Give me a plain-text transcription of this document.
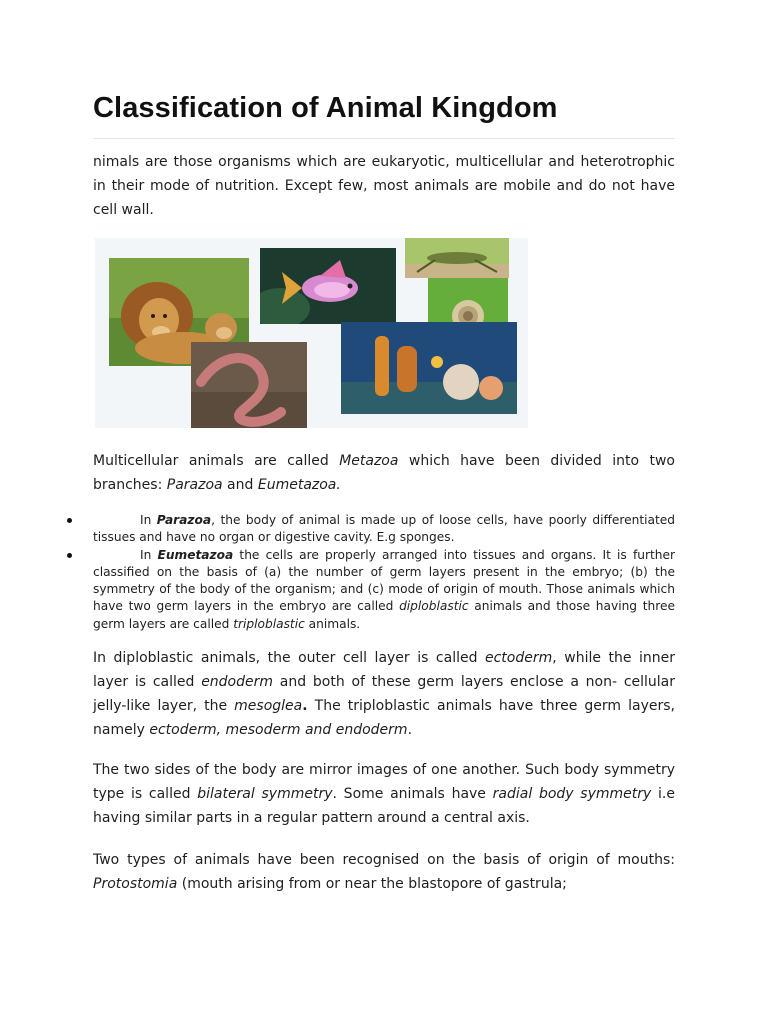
Classification of Animal Kingdom

nimals are those organisms which are eukaryotic, multicellular and heterotrophic in their mode of nutrition. Except few, most animals are mobile and do not have cell wall.

Multicellular animals are called Metazoa which have been divided into two branches: Parazoa and Eumetazoa.

In Parazoa, the body of animal is made up of loose cells, have poorly differentiated tissues and have no organ or digestive cavity. E.g sponges.
In Eumetazoa the cells are properly arranged into tissues and organs. It is further classified on the basis of (a) the number of germ layers present in the embryo; (b) the symmetry of the body of the organism; and (c) mode of origin of mouth. Those animals which have two germ layers in the embryo are called diploblastic animals and those having three germ layers are called triploblastic animals.

In diploblastic animals, the outer cell layer is called ectoderm, while the inner layer is called endoderm and both of these germ layers enclose a non- cellular jelly-like layer, the mesoglea. The triploblastic animals have three germ layers, namely ectoderm, mesoderm and endoderm.

The two sides of the body are mirror images of one another. Such body symmetry type is called bilateral symmetry. Some animals have radial body symmetry i.e having similar parts in a regular pattern around a central axis.

Two types of animals have been recognised on the basis of origin of mouths: Protostomia (mouth arising from or near the blastopore of gastrula;
